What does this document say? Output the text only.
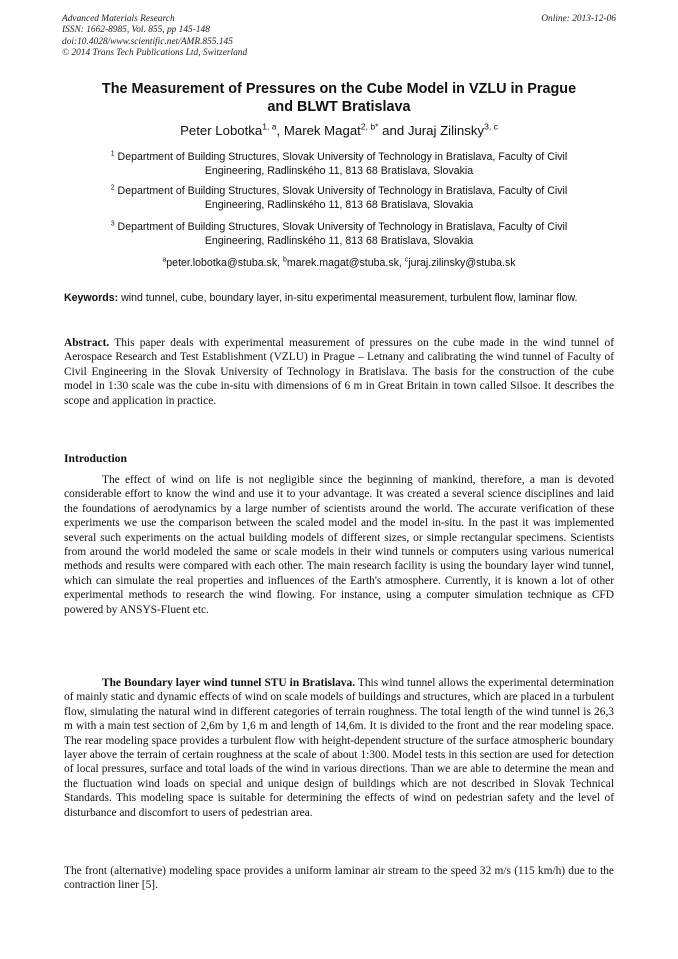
Advanced Materials Research
ISSN: 1662-8985, Vol. 855, pp 145-148
doi:10.4028/www.scientific.net/AMR.855.145
© 2014 Trans Tech Publications Ltd, Switzerland
Online: 2013-12-06
The Measurement of Pressures on the Cube Model in VZLU in Prague
and BLWT Bratislava
Peter Lobotka$^{1, a}$, Marek Magat$^{2, b*}$ and Juraj Zilinsky$^{3, c}$
$^1$ Department of Building Structures, Slovak University of Technology in Bratislava, Faculty of Civil
Engineering, Radlinského 11, 813 68 Bratislava, Slovakia
$^2$ Department of Building Structures, Slovak University of Technology in Bratislava, Faculty of Civil
Engineering, Radlinského 11, 813 68 Bratislava, Slovakia
$^3$ Department of Building Structures, Slovak University of Technology in Bratislava, Faculty of Civil
Engineering, Radlinského 11, 813 68 Bratislava, Slovakia
$^a$peter.lobotka@stuba.sk, $^b$marek.magat@stuba.sk, $^c$juraj.zilinsky@stuba.sk
Keywords: wind tunnel, cube, boundary layer, in-situ experimental measurement, turbulent flow, laminar flow.

Abstract. This paper deals with experimental measurement of pressures on the cube made in the wind tunnel of Aerospace Research and Test Establishment (VZLU) in Prague – Letnany and calibrating the wind tunnel of Faculty of Civil Engineering in the Slovak University of Technology in Bratislava. The basis for the construction of the cube model in 1:30 scale was the cube in-situ with dimensions of 6 m in Great Britain in town called Silsoe. It describes the scope and application in practice.

Introduction

The effect of wind on life is not negligible since the beginning of mankind, therefore, a man is devoted considerable effort to know the wind and use it to your advantage. It was created a several science disciplines and laid the foundations of aerodynamics by a large number of scientists around the world. The accurate verification of these experiments we use the comparison between the scaled model and the model in-situ. In the past it was implemented several such experiments on the actual building models of different sizes, or simple rectangular specimens. Scientists from around the world modeled the same or scale models in their wind tunnels or computers using various numerical methods and results were compared with each other. The main research facility is using the boundary layer wind tunnel, which can simulate the real properties and influences of the Earth's atmosphere. Currently, it is known a lot of other experimental methods to research the wind flowing. For instance, using a computer simulation technique as CFD powered by ANSYS-Fluent etc.

The Boundary layer wind tunnel STU in Bratislava. This wind tunnel allows the experimental determination of mainly static and dynamic effects of wind on scale models of buildings and structures, which are placed in a turbulent flow, simulating the natural wind in different categories of terrain roughness. The total length of the wind tunnel is 26,3 m with a main test section of 2,6m by 1,6 m and length of 14,6m. It is divided to the front and the rear modeling space. The rear modeling space provides a turbulent flow with height-dependent structure of the surface atmospheric boundary layer above the terrain of certain roughness at the scale of about 1:300. Model tests in this section are used for detection of local pressures, surface and total loads of the wind in various directions. Than we are able to determine the mean and the fluctuation wind loads on special and unique design of buildings which are not described in Slovak Technical Standards. This modeling space is suitable for determining the effects of wind on pedestrian safety and the level of disturbance and discomfort to users of pedestrian area.

The front (alternative) modeling space provides a uniform laminar air stream to the speed 32 m/s (115 km/h) due to the contraction liner [5].
